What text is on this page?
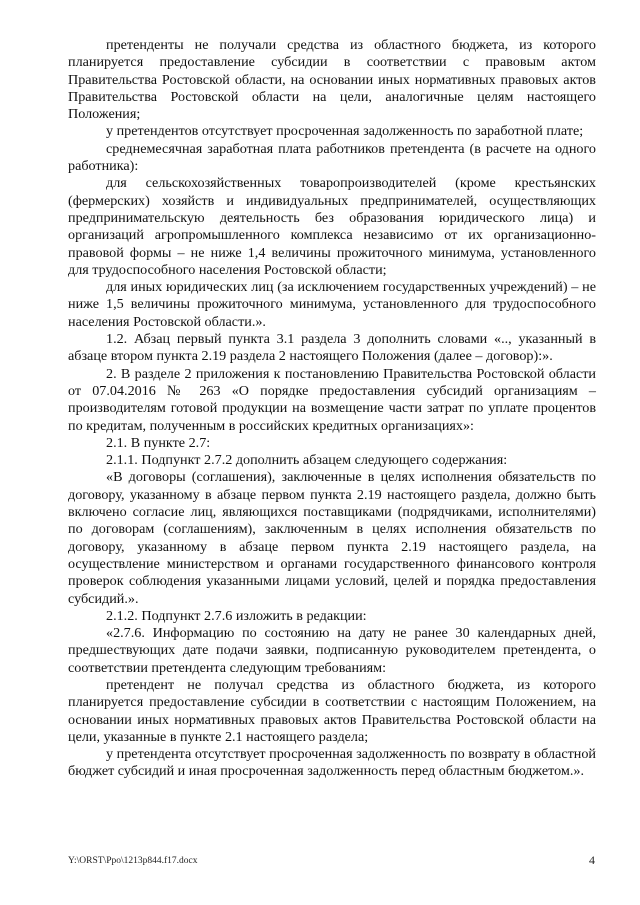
претенденты не получали средства из областного бюджета, из которого планируется предоставление субсидии в соответствии с правовым актом Правительства Ростовской области, на основании иных нормативных правовых актов Правительства Ростовской области на цели, аналогичные целям настоящего Положения;

у претендентов отсутствует просроченная задолженность по заработной плате;

среднемесячная заработная плата работников претендента (в расчете на одного работника):

для сельскохозяйственных товаропроизводителей (кроме крестьянских (фермерских) хозяйств и индивидуальных предпринимателей, осуществляющих предпринимательскую деятельность без образования юридического лица) и организаций агропромышленного комплекса независимо от их организационно-правовой формы – не ниже 1,4 величины прожиточного минимума, установленного для трудоспособного населения Ростовской области;

для иных юридических лиц (за исключением государственных учреждений) – не ниже 1,5 величины прожиточного минимума, установленного для трудоспособного населения Ростовской области.».

1.2. Абзац первый пункта 3.1 раздела 3 дополнить словами «.., указанный в абзаце втором пункта 2.19 раздела 2 настоящего Положения (далее – договор):».

2. В разделе 2 приложения к постановлению Правительства Ростовской области от 07.04.2016 № 263 «О порядке предоставления субсидий организациям – производителям готовой продукции на возмещение части затрат по уплате процентов по кредитам, полученным в российских кредитных организациях»:

2.1. В пункте 2.7:

2.1.1. Подпункт 2.7.2 дополнить абзацем следующего содержания:

«В договоры (соглашения), заключенные в целях исполнения обязательств по договору, указанному в абзаце первом пункта 2.19 настоящего раздела, должно быть включено согласие лиц, являющихся поставщиками (подрядчиками, исполнителями) по договорам (соглашениям), заключенным в целях исполнения обязательств по договору, указанному в абзаце первом пункта 2.19 настоящего раздела, на осуществление министерством и органами государственного финансового контроля проверок соблюдения указанными лицами условий, целей и порядка предоставления субсидий.».

2.1.2. Подпункт 2.7.6 изложить в редакции:

«2.7.6. Информацию по состоянию на дату не ранее 30 календарных дней, предшествующих дате подачи заявки, подписанную руководителем претендента, о соответствии претендента следующим требованиям:

претендент не получал средства из областного бюджета, из которого планируется предоставление субсидии в соответствии с настоящим Положением, на основании иных нормативных правовых актов Правительства Ростовской области на цели, указанные в пункте 2.1 настоящего раздела;

у претендента отсутствует просроченная задолженность по возврату в областной бюджет субсидий и иная просроченная задолженность перед областным бюджетом.».

Y:\ORST\Ppo\1213p844.f17.docx	4
